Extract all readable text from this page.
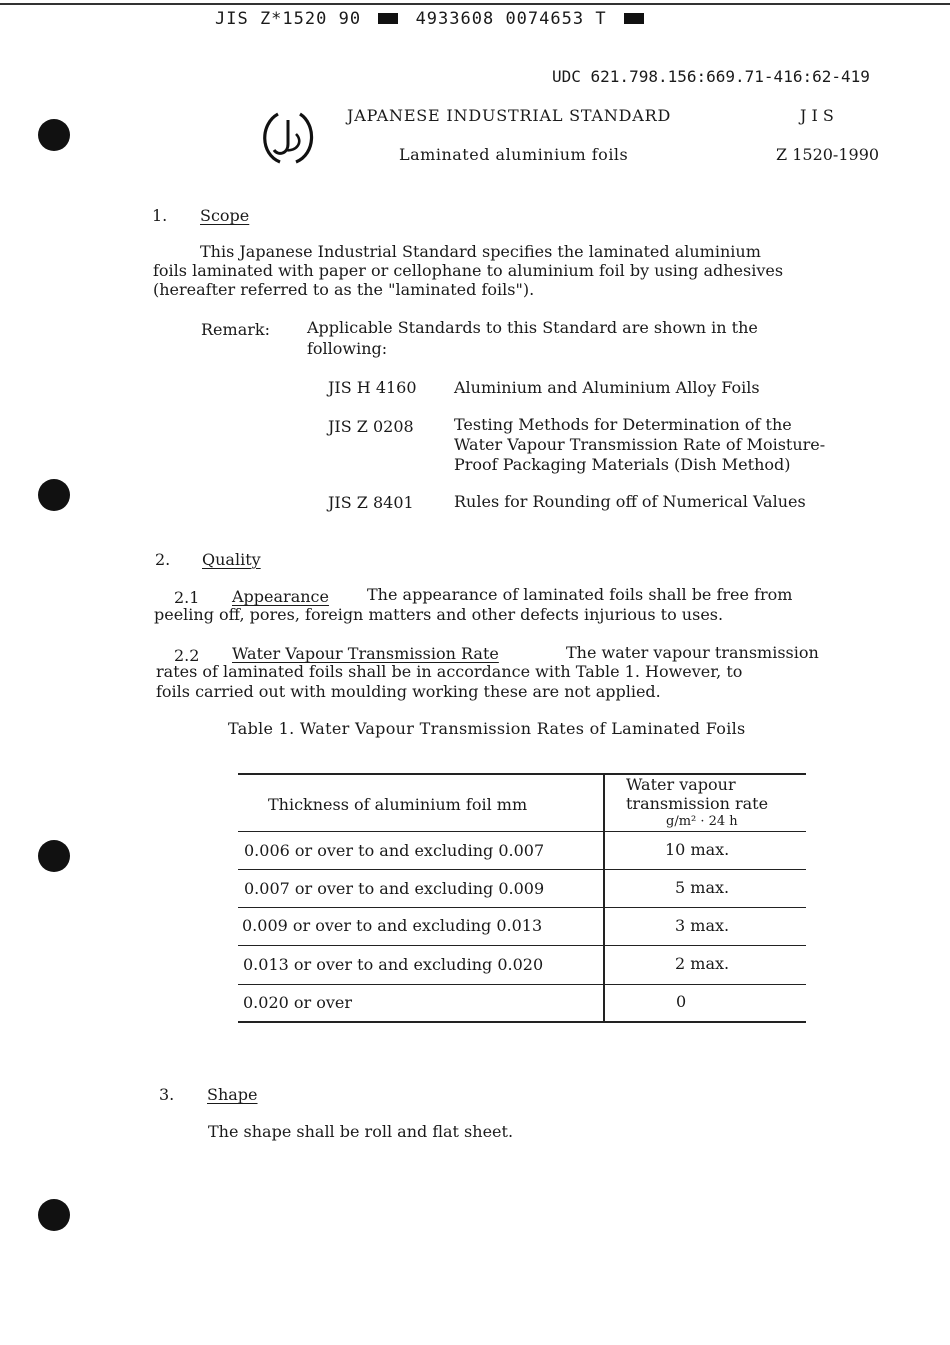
JIS Z*1520 90	4933608 0074653 T
UDC 621.798.156:669.71-416:62-419
JAPANESE INDUSTRIAL STANDARD	J I S
Laminated aluminium foils	Z 1520-1990
1. Scope
This Japanese Industrial Standard specifies the laminated aluminium
foils laminated with paper or cellophane to aluminium foil by using adhesives
(hereafter referred to as the "laminated foils").
Remark: Applicable Standards to this Standard are shown in the
following:
JIS H 4160 Aluminium and Aluminium Alloy Foils
JIS Z 0208	Testing Methods for Determination of the
Water Vapour Transmission Rate of Moisture-
Proof Packaging Materials (Dish Method)
JIS Z 8401	Rules for Rounding off of Numerical Values
2. Quality
2.1 Appearance The appearance of laminated foils shall be free from
peeling off, pores, foreign matters and other defects injurious to uses.
2.2 Water Vapour Transmission Rate	The water vapour transmission
rates of laminated foils shall be in accordance with Table 1. However, to
foils carried out with moulding working these are not applied.
Table 1. Water Vapour Transmission Rates of Laminated Foils
Thickness of aluminium foil mm
Water vapour
transmission rate
g/m² · 24 h
0.006 or over to and excluding 0.007	10 max.
0.007 or over to and excluding 0.009	5 max.
0.009 or over to and excluding 0.013	3 max.
0.013 or over to and excluding 0.020	2 max.
0.020 or over	0
3. Shape
The shape shall be roll and flat sheet.
